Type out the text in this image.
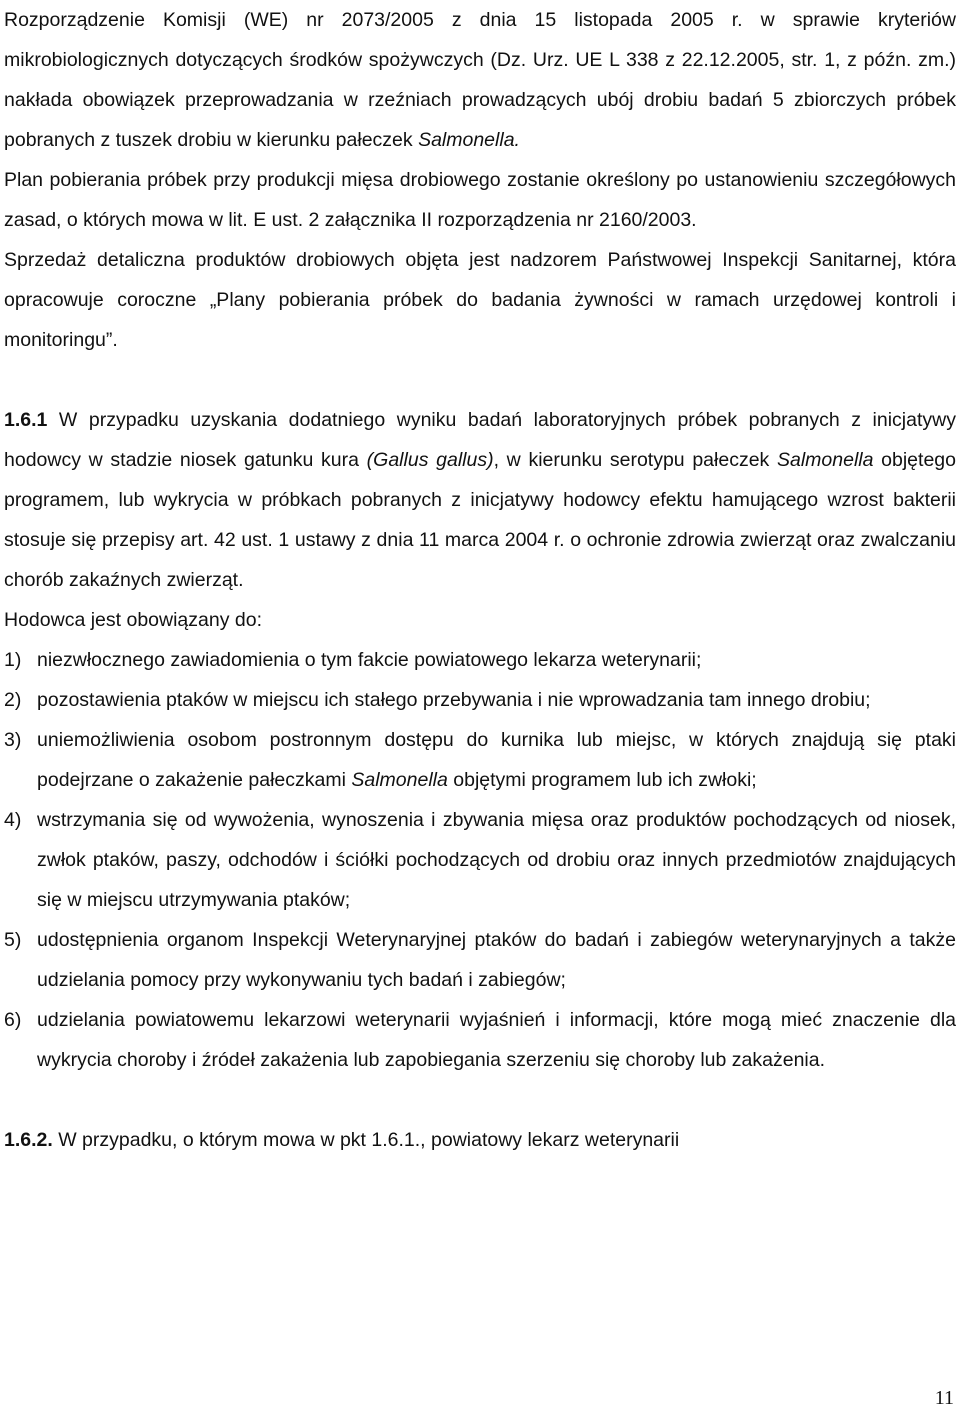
Rozporządzenie Komisji (WE) nr 2073/2005 z dnia 15 listopada 2005 r. w sprawie kryteriów mikrobiologicznych dotyczących środków spożywczych (Dz. Urz. UE L 338 z 22.12.2005, str. 1, z późn. zm.) nakłada obowiązek przeprowadzania w rzeźniach prowadzących ubój drobiu badań 5 zbiorczych próbek pobranych z tuszek drobiu w kierunku pałeczek Salmonella.

Plan pobierania próbek przy produkcji mięsa drobiowego zostanie określony po ustanowieniu szczegółowych zasad, o których mowa w lit. E ust. 2 załącznika II rozporządzenia nr 2160/2003.

Sprzedaż detaliczna produktów drobiowych objęta jest nadzorem Państwowej Inspekcji Sanitarnej, która opracowuje coroczne „Plany pobierania próbek do badania żywności w ramach urzędowej kontroli i monitoringu”.

1.6.1 W przypadku uzyskania dodatniego wyniku badań laboratoryjnych próbek pobranych z inicjatywy hodowcy w stadzie niosek gatunku kura (Gallus gallus), w kierunku serotypu pałeczek Salmonella objętego programem, lub wykrycia w próbkach pobranych z inicjatywy hodowcy efektu hamującego wzrost bakterii stosuje się przepisy art. 42 ust. 1 ustawy z dnia 11 marca 2004 r. o ochronie zdrowia zwierząt oraz zwalczaniu chorób zakaźnych zwierząt.

Hodowca jest obowiązany do:

1) niezwłocznego zawiadomienia o tym fakcie powiatowego lekarza weterynarii;
2) pozostawienia ptaków w miejscu ich stałego przebywania i nie wprowadzania tam innego drobiu;
3) uniemożliwienia osobom postronnym dostępu do kurnika lub miejsc, w których znajdują się ptaki podejrzane o zakażenie pałeczkami Salmonella objętymi programem lub ich zwłoki;
4) wstrzymania się od wywożenia, wynoszenia i zbywania mięsa oraz produktów pochodzących od niosek, zwłok ptaków, paszy, odchodów i ściółki pochodzących od drobiu oraz innych przedmiotów znajdujących się w miejscu utrzymywania ptaków;
5) udostępnienia organom Inspekcji Weterynaryjnej ptaków do badań i zabiegów weterynaryjnych a także udzielania pomocy przy wykonywaniu tych badań i zabiegów;
6) udzielania powiatowemu lekarzowi weterynarii wyjaśnień i informacji, które mogą mieć znaczenie dla wykrycia choroby i źródeł zakażenia lub zapobiegania szerzeniu się choroby lub zakażenia.

1.6.2. W przypadku, o którym mowa w pkt 1.6.1., powiatowy lekarz weterynarii

11
